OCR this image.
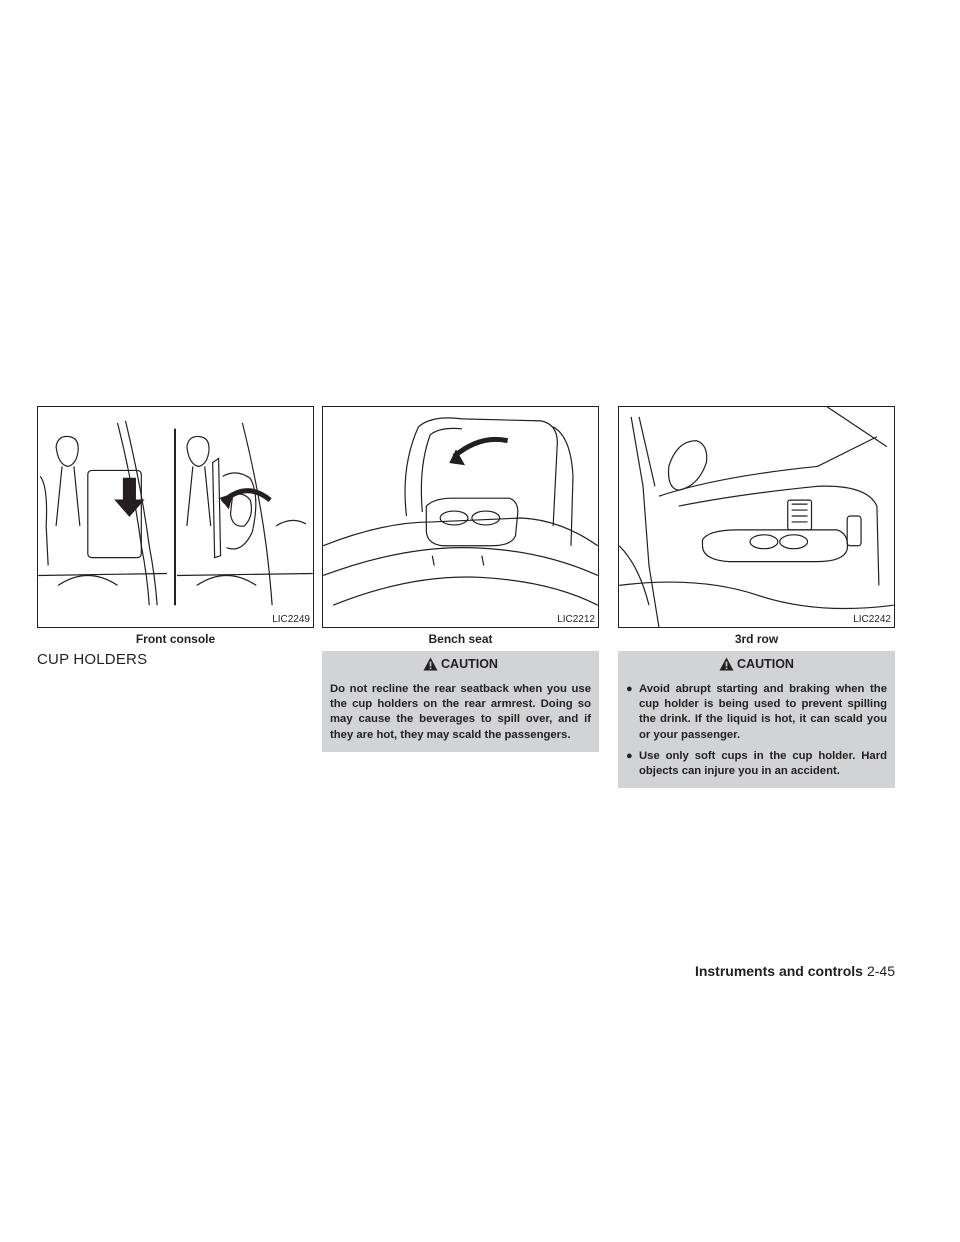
LIC2249
Front console
LIC2212
Bench seat
LIC2242
3rd row
CUP HOLDERS	CAUTION
Do not recline the rear seatback when you use the cup holders on the rear armrest. Doing so may cause the beverages to spill over, and if they are hot, they may scald the passengers.
CAUTION
● Avoid abrupt starting and braking when the cup holder is being used to prevent spilling the drink. If the liquid is hot, it can scald you or your passenger.
● Use only soft cups in the cup holder. Hard objects can injure you in an accident.
Instruments and controls 2-45
